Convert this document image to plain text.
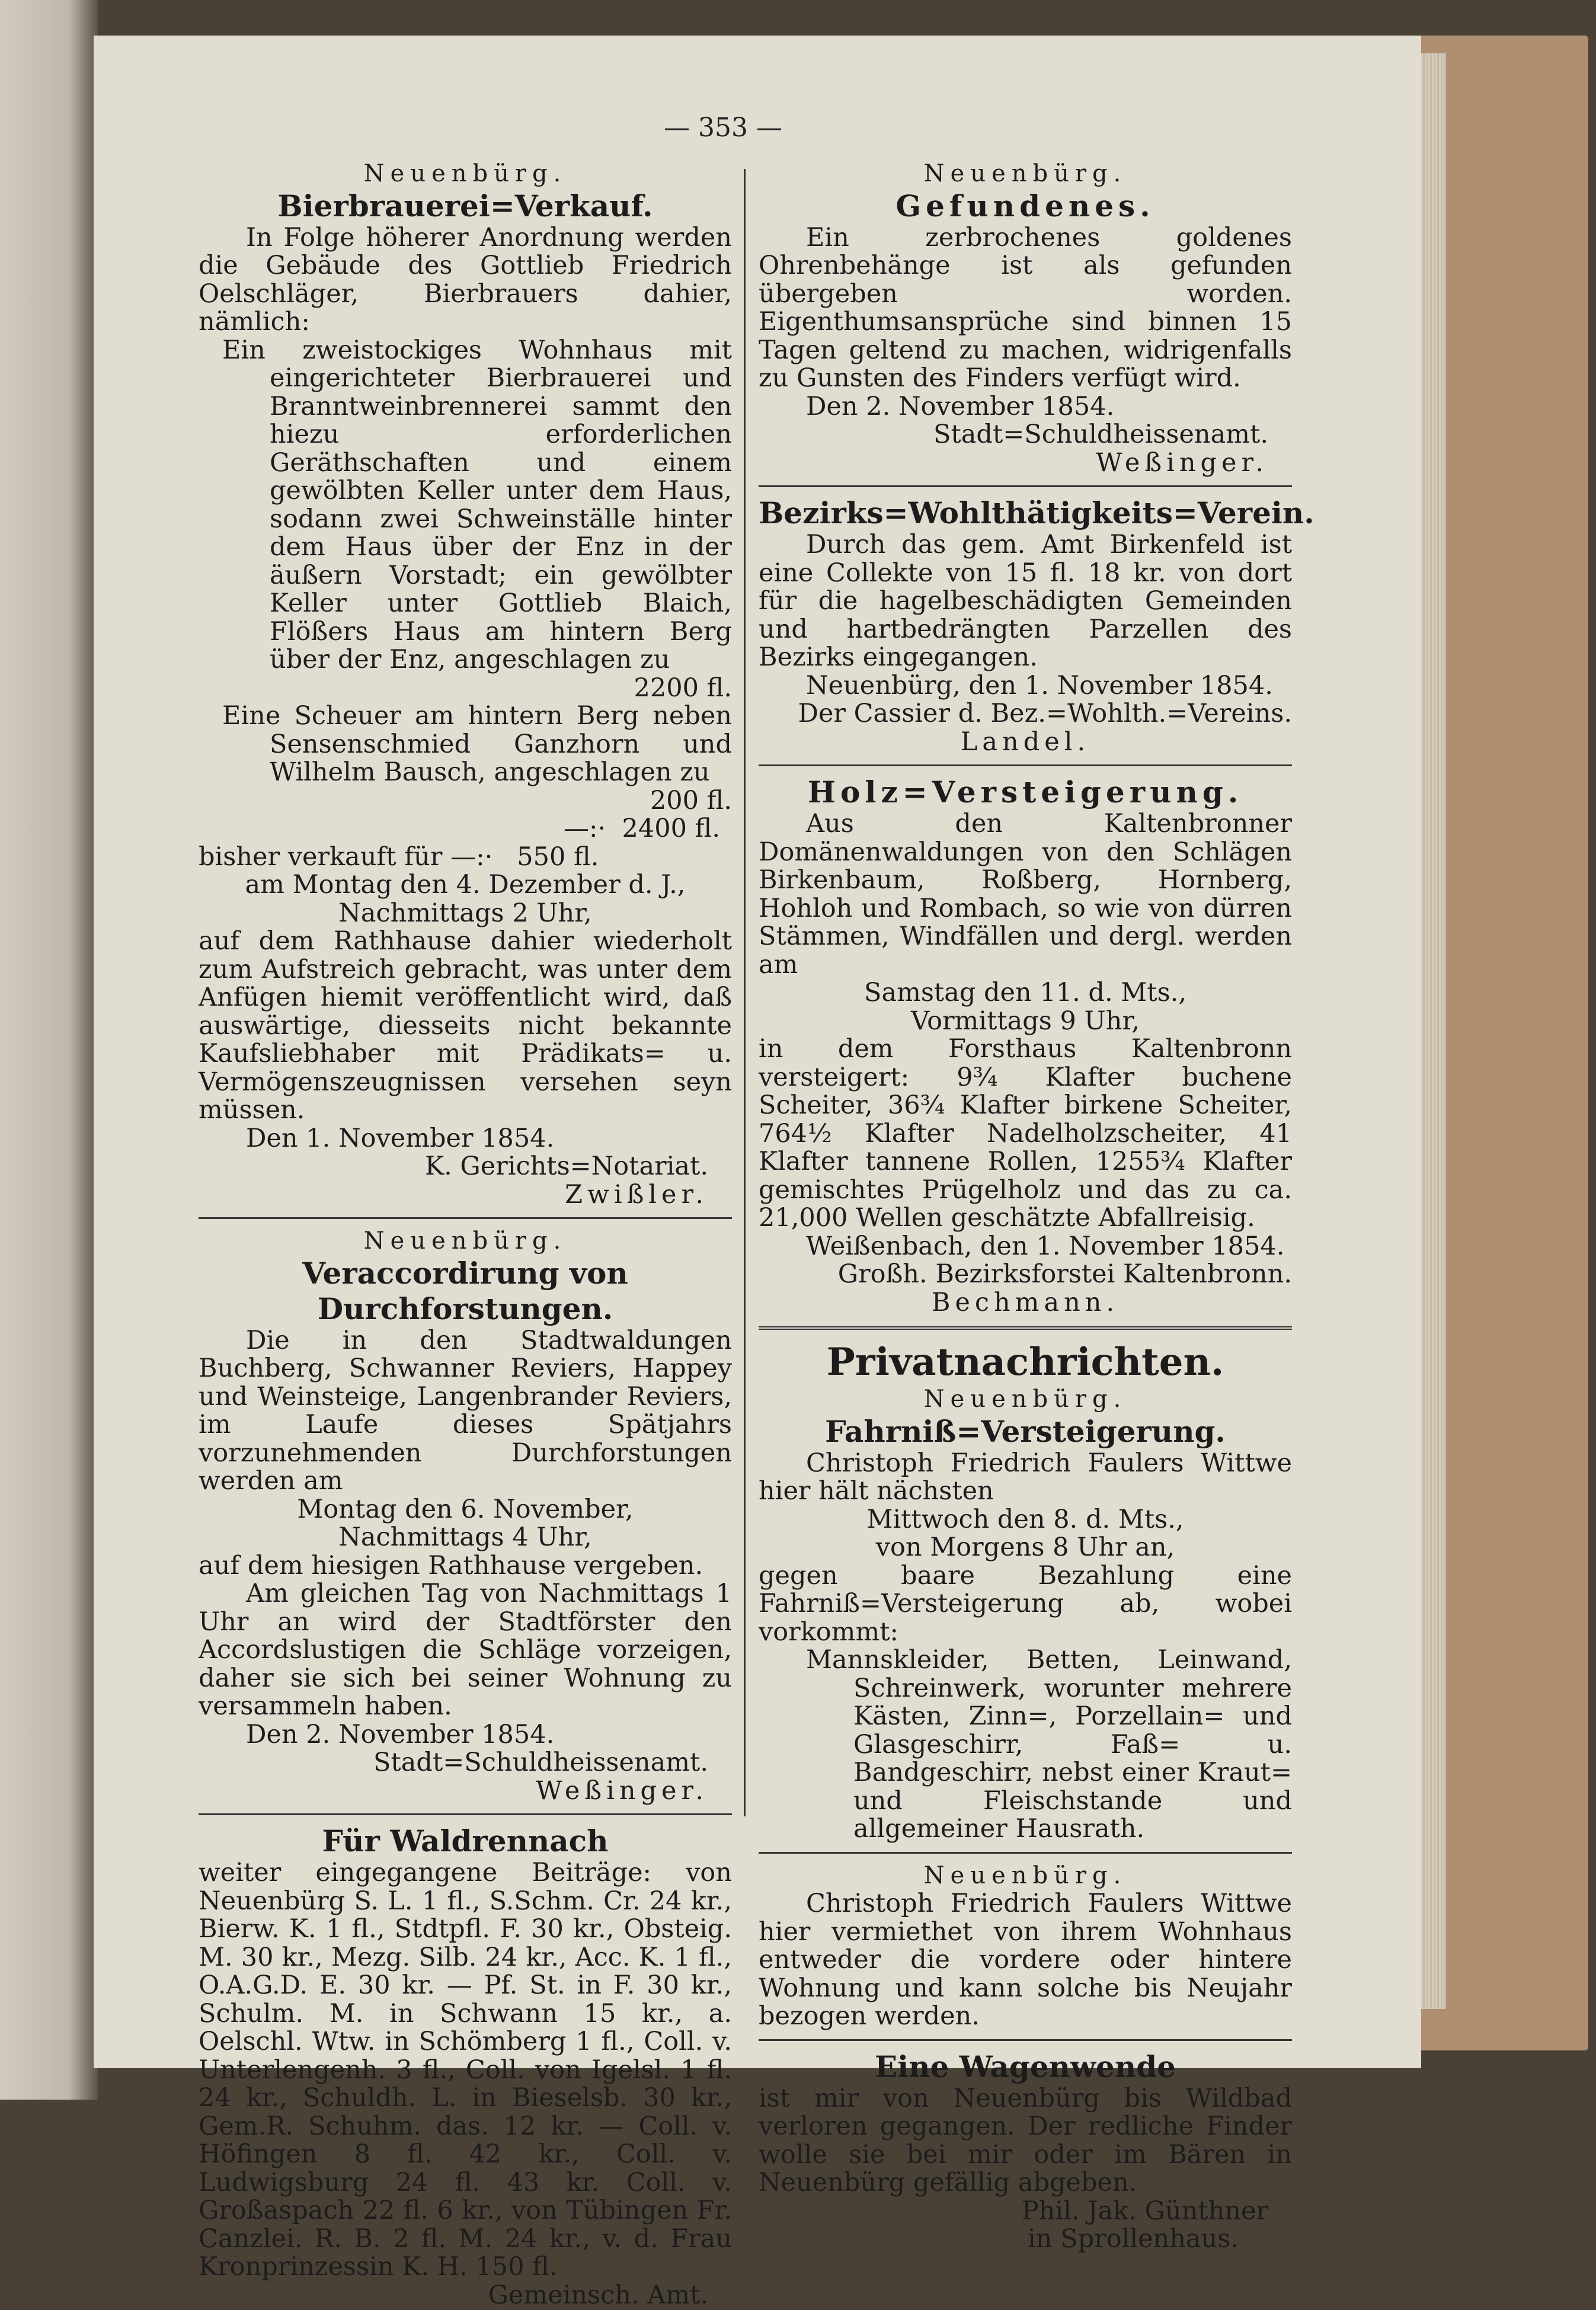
— 353 —
Neuenbürg.
Bierbrauerei=Verkauf.
In Folge höherer Anordnung werden die Gebäude des Gottlieb Friedrich Oelschläger, Bierbrauers dahier, nämlich:
Ein zweistockiges Wohnhaus mit eingerichteter Bierbrauerei und Branntweinbrennerei sammt den hiezu erforderlichen Geräthschaften und einem gewölbten Keller unter dem Haus, sodann zwei Schweinställe hinter dem Haus über der Enz in der äußern Vorstadt; ein gewölbter Keller unter Gottlieb Blaich, Flößers Haus am hintern Berg über der Enz, angeschlagen zu
2200 fl.
Eine Scheuer am hintern Berg neben Sensenschmied Ganzhorn und Wilhelm Bausch, angeschlagen zu
200 fl.
—:·
2400 fl.
bisher verkauft für —:· 550 fl.
am Montag den 4. Dezember d. J.,
Nachmittags 2 Uhr,
auf dem Rathhause dahier wiederholt zum Aufstreich gebracht, was unter dem Anfügen hiemit veröffentlicht wird, daß auswärtige, diesseits nicht bekannte Kaufsliebhaber mit Prädikats= u. Vermögenszeugnissen versehen seyn müssen.
Den 1. November 1854.
K. Gerichts=Notariat.
Zwißler.
Neuenbürg.
Veraccordirung von Durchforstungen.
Die in den Stadtwaldungen Buchberg, Schwanner Reviers, Happey und Weinsteige, Langenbrander Reviers, im Laufe dieses Spätjahrs vorzunehmenden Durchforstungen werden am
Montag den 6. November,
Nachmittags 4 Uhr,
auf dem hiesigen Rathhause vergeben.
Am gleichen Tag von Nachmittags 1 Uhr an wird der Stadtförster den Accordslustigen die Schläge vorzeigen, daher sie sich bei seiner Wohnung zu versammeln haben.
Den 2. November 1854.
Stadt=Schuldheissenamt.
Weßinger.
Für Waldrennach
weiter eingegangene Beiträge: von Neuenbürg S. L. 1 fl., S.Schm. Cr. 24 kr., Bierw. K. 1 fl., Stdtpfl. F. 30 kr., Obsteig. M. 30 kr., Mezg. Silb. 24 kr., Acc. K. 1 fl., O.A.G.D. E. 30 kr. — Pf. St. in F. 30 kr., Schulm. M. in Schwann 15 kr., a. Oelschl. Wtw. in Schömberg 1 fl., Coll. v. Unterlengenh. 3 fl., Coll. von Igelsl. 1 fl. 24 kr., Schuldh. L. in Bieselsb. 30 kr., Gem.R. Schuhm. das. 12 kr. — Coll. v. Höfingen 8 fl. 42 kr., Coll. v. Ludwigsburg 24 fl. 43 kr. Coll. v. Großaspach 22 fl. 6 kr., von Tübingen Fr. Canzlei. R. B. 2 fl. M. 24 kr., v. d. Frau Kronprinzessin K. H. 150 fl.
Gemeinsch. Amt.
Neuenbürg.
Gefundenes.
Ein zerbrochenes goldenes Ohrenbehänge ist als gefunden übergeben worden. Eigenthumsansprüche sind binnen 15 Tagen geltend zu machen, widrigenfalls zu Gunsten des Finders verfügt wird.
Den 2. November 1854.
Stadt=Schuldheissenamt.
Weßinger.
Bezirks=Wohlthätigkeits=Verein.
Durch das gem. Amt Birkenfeld ist eine Collekte von 15 fl. 18 kr. von dort für die hagelbeschädigten Gemeinden und hartbedrängten Parzellen des Bezirks eingegangen.
Neuenbürg, den 1. November 1854.
Der Cassier d. Bez.=Wohlth.=Vereins.
Landel.
Holz=Versteigerung.
Aus den Kaltenbronner Domänenwaldungen von den Schlägen Birkenbaum, Roßberg, Hornberg, Hohloh und Rombach, so wie von dürren Stämmen, Windfällen und dergl. werden am
Samstag den 11. d. Mts.,
Vormittags 9 Uhr,
in dem Forsthaus Kaltenbronn versteigert: 9¾ Klafter buchene Scheiter, 36¾ Klafter birkene Scheiter, 764½ Klafter Nadelholzscheiter, 41 Klafter tannene Rollen, 1255¾ Klafter gemischtes Prügelholz und das zu ca. 21,000 Wellen geschätzte Abfallreisig.
Weißenbach, den 1. November 1854.
Großh. Bezirksforstei Kaltenbronn.
Bechmann.
Privatnachrichten.
Neuenbürg.
Fahrniß=Versteigerung.
Christoph Friedrich Faulers Wittwe hier hält nächsten
Mittwoch den 8. d. Mts.,
von Morgens 8 Uhr an,
gegen baare Bezahlung eine Fahrniß=Versteigerung ab, wobei vorkommt:
Mannskleider, Betten, Leinwand, Schreinwerk, worunter mehrere Kästen, Zinn=, Porzellain= und Glasgeschirr, Faß= u. Bandgeschirr, nebst einer Kraut= und Fleischstande und allgemeiner Hausrath.
Neuenbürg.
Christoph Friedrich Faulers Wittwe hier vermiethet von ihrem Wohnhaus entweder die vordere oder hintere Wohnung und kann solche bis Neujahr bezogen werden.
Eine Wagenwende
ist mir von Neuenbürg bis Wildbad verloren gegangen. Der redliche Finder wolle sie bei mir oder im Bären in Neuenbürg gefällig abgeben.
Phil. Jak. Günthner
in Sprollenhaus.
